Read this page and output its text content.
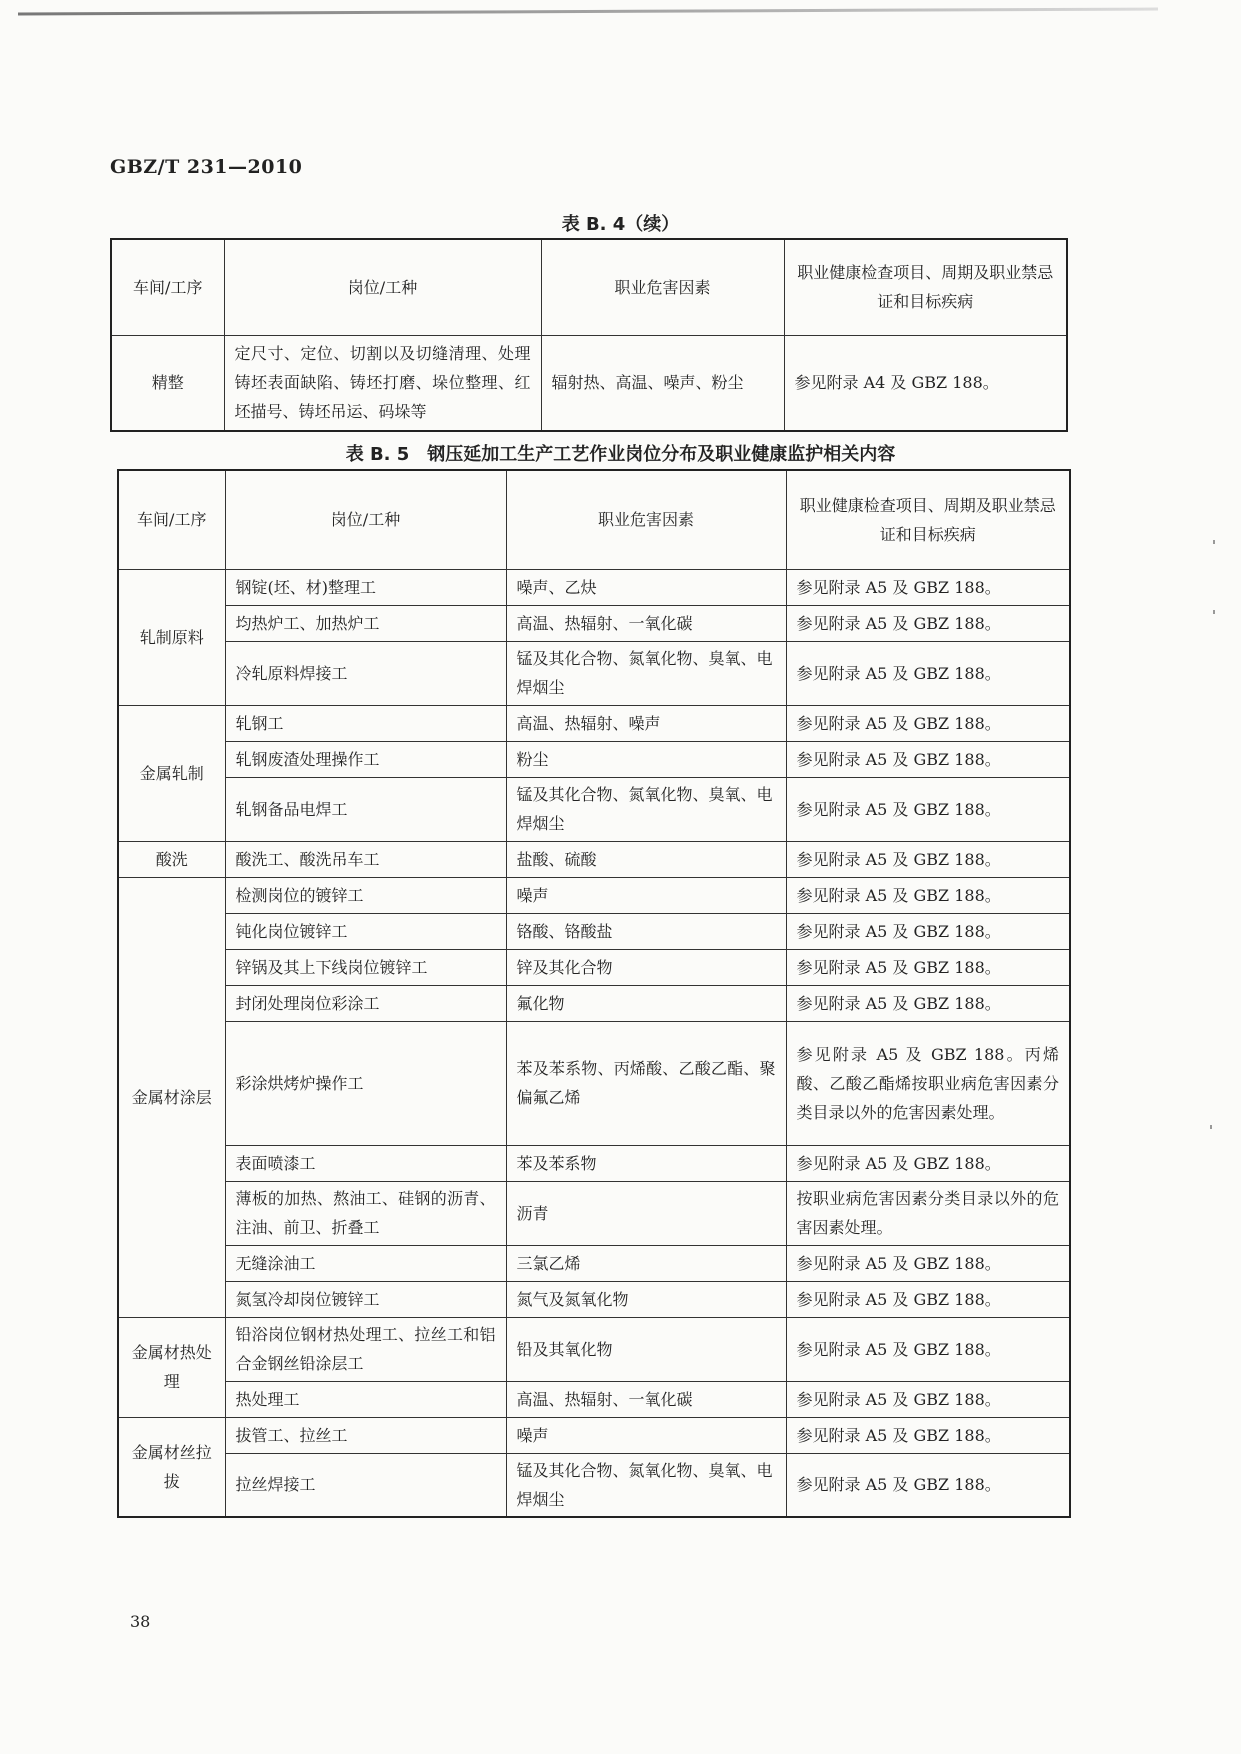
GBZ/T 231—2010
表 B. 4（续）
车间/工序	岗位/工种	职业危害因素	职业健康检查项目、周期及职业禁忌证和目标疾病
精整	定尺寸、定位、切割以及切缝清理、处理铸坯表面缺陷、铸坯打磨、垛位整理、红坯描号、铸坯吊运、码垛等	辐射热、高温、噪声、粉尘	参见附录 A4 及 GBZ 188。
表 B. 5　钢压延加工生产工艺作业岗位分布及职业健康监护相关内容
车间/工序	岗位/工种	职业危害因素	职业健康检查项目、周期及职业禁忌证和目标疾病
轧制原料	钢锭(坯、材)整理工	噪声、乙炔	参见附录 A5 及 GBZ 188。
	均热炉工、加热炉工	高温、热辐射、一氧化碳	参见附录 A5 及 GBZ 188。
	冷轧原料焊接工	锰及其化合物、氮氧化物、臭氧、电焊烟尘	参见附录 A5 及 GBZ 188。
金属轧制	轧钢工	高温、热辐射、噪声	参见附录 A5 及 GBZ 188。
	轧钢废渣处理操作工	粉尘	参见附录 A5 及 GBZ 188。
	轧钢备品电焊工	锰及其化合物、氮氧化物、臭氧、电焊烟尘	参见附录 A5 及 GBZ 188。
酸洗	酸洗工、酸洗吊车工	盐酸、硫酸	参见附录 A5 及 GBZ 188。
金属材涂层	检测岗位的镀锌工	噪声	参见附录 A5 及 GBZ 188。
	钝化岗位镀锌工	铬酸、铬酸盐	参见附录 A5 及 GBZ 188。
	锌锅及其上下线岗位镀锌工	锌及其化合物	参见附录 A5 及 GBZ 188。
	封闭处理岗位彩涂工	氟化物	参见附录 A5 及 GBZ 188。
	彩涂烘烤炉操作工	苯及苯系物、丙烯酸、乙酸乙酯、聚偏氟乙烯	参见附录 A5 及 GBZ 188。丙烯酸、乙酸乙酯烯按职业病危害因素分类目录以外的危害因素处理。
	表面喷漆工	苯及苯系物	参见附录 A5 及 GBZ 188。
	薄板的加热、熬油工、硅钢的沥青、注油、前卫、折叠工	沥青	按职业病危害因素分类目录以外的危害因素处理。
	无缝涂油工	三氯乙烯	参见附录 A5 及 GBZ 188。
	氮氢冷却岗位镀锌工	氮气及氮氧化物	参见附录 A5 及 GBZ 188。
金属材热处理	铅浴岗位钢材热处理工、拉丝工和铝合金钢丝铅涂层工	铅及其氧化物	参见附录 A5 及 GBZ 188。
	热处理工	高温、热辐射、一氧化碳	参见附录 A5 及 GBZ 188。
金属材丝拉拔	拔管工、拉丝工	噪声	参见附录 A5 及 GBZ 188。
	拉丝焊接工	锰及其化合物、氮氧化物、臭氧、电焊烟尘	参见附录 A5 及 GBZ 188。
38
